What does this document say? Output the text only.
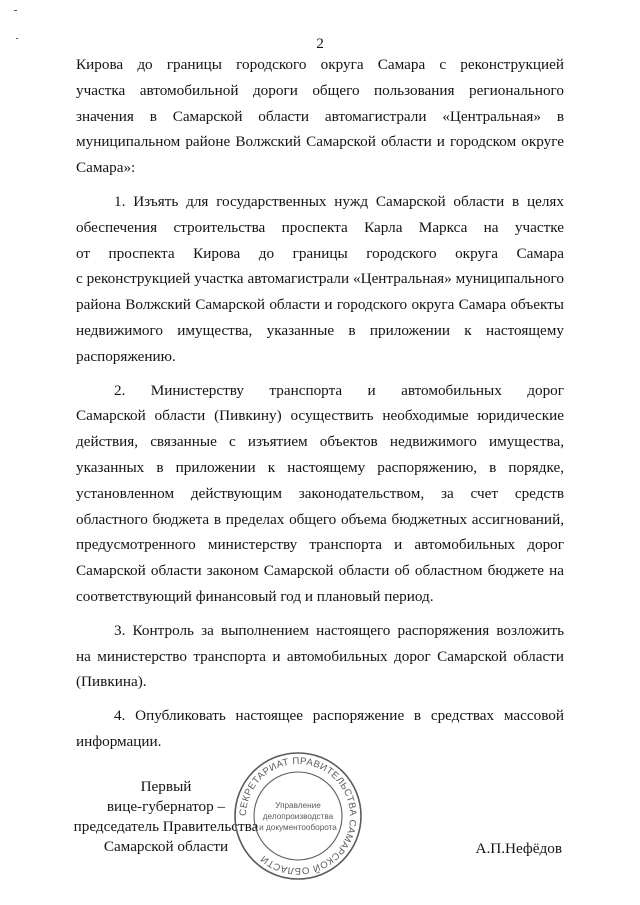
2
Кирова до границы городского округа Самара с реконструкцией
участка автомобильной дороги общего пользования регионального
значения в Самарской области автомагистрали «Центральная» в
муниципальном районе Волжский Самарской области и городском округе
Самара»:
1. Изъять для государственных нужд Самарской области в целях
обеспечения строительства проспекта Карла Маркса на участке
от проспекта Кирова до границы городского округа Самара
с реконструкцией участка автомагистрали «Центральная» муниципального
района Волжский Самарской области и городского округа Самара объекты
недвижимого имущества, указанные в приложении к настоящему
распоряжению.
2. Министерству транспорта и автомобильных дорог
Самарской области (Пивкину) осуществить необходимые юридические
действия, связанные с изъятием объектов недвижимого имущества,
указанных в приложении к настоящему распоряжению, в порядке,
установленном действующим законодательством, за счет средств
областного бюджета в пределах общего объема бюджетных ассигнований,
предусмотренного министерству транспорта и автомобильных дорог
Самарской области законом Самарской области об областном бюджете на
соответствующий финансовый год и плановый период.
3. Контроль за выполнением настоящего распоряжения возложить
на министерство транспорта и автомобильных дорог Самарской области
(Пивкина).
4. Опубликовать настоящее распоряжение в средствах массовой
информации.
Первый
вице-губернатор –
председатель Правительства
Самарской области
СЕКРЕТАРИАТ ПРАВИТЕЛЬСТВА САМАРСКОЙ ОБЛАСТИ
Управление
делопроизводства
и документооборота
А.П.Нефёдов
